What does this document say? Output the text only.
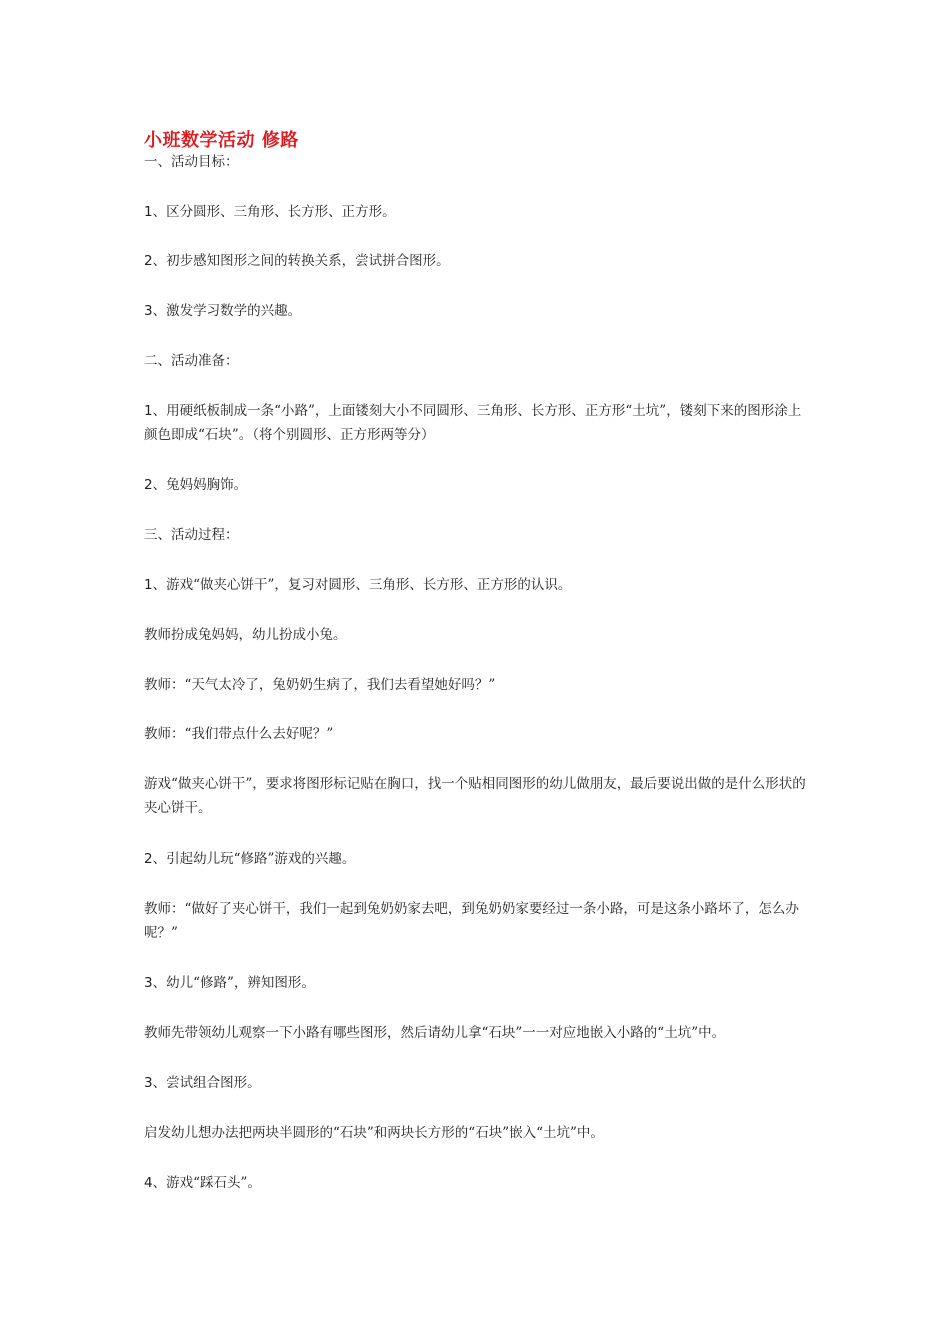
小班数学活动 修路
一、活动目标：
1、区分圆形、三角形、长方形、正方形。
2、初步感知图形之间的转换关系，尝试拼合图形。
3、激发学习数学的兴趣。
二、活动准备：
1、用硬纸板制成一条“小路”，上面镂刻大小不同圆形、三角形、长方形、正方形“土坑”，镂刻下来的图形涂上颜色即成“石块”。（将个别圆形、正方形两等分）
2、兔妈妈胸饰。
三、活动过程：
1、游戏“做夹心饼干”，复习对圆形、三角形、长方形、正方形的认识。
教师扮成兔妈妈，幼儿扮成小兔。
教师：“天气太冷了，兔奶奶生病了，我们去看望她好吗？”
教师：“我们带点什么去好呢？”
游戏“做夹心饼干”，要求将图形标记贴在胸口，找一个贴相同图形的幼儿做朋友，最后要说出做的是什么形状的夹心饼干。
2、引起幼儿玩“修路”游戏的兴趣。
教师：“做好了夹心饼干，我们一起到兔奶奶家去吧，到兔奶奶家要经过一条小路，可是这条小路坏了，怎么办呢？”
3、幼儿“修路”，辨知图形。
教师先带领幼儿观察一下小路有哪些图形，然后请幼儿拿“石块”一一对应地嵌入小路的“土坑”中。
3、尝试组合图形。
启发幼儿想办法把两块半圆形的“石块”和两块长方形的“石块”嵌入“土坑”中。
4、游戏“踩石头”。
